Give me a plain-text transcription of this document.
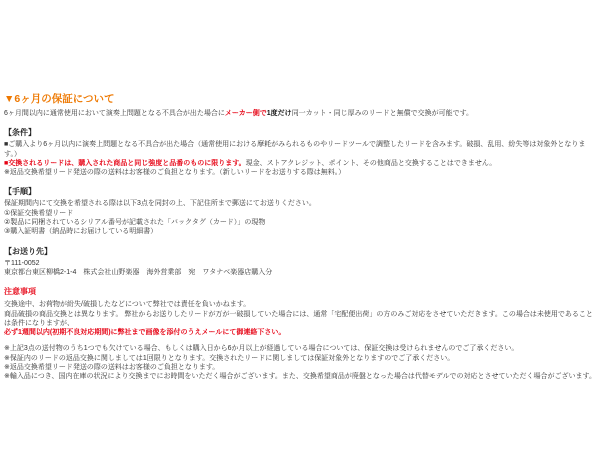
▼6ヶ月の保証について

6ヶ月間以内に通常使用において演奏上問題となる不具合が出た場合にメーカー側で1度だけ同一カット・同じ厚みのリードと無償で交換が可能です。

【条件】

■ご購入より6ヶ月以内に演奏上問題となる不具合が出た場合（通常使用における摩耗がみられるものやリードツールで調整したリードを含みます。破損、乱用、紛失等は対象外となります。）

■交換されるリードは、購入された商品と同じ強度と品番のものに限ります。現金、ストアクレジット、ポイント、その他商品と交換することはできません。

※返品交換希望リード発送の際の送料はお客様のご負担となります。（新しいリードをお送りする際は無料。）

【手順】

保証期間内にて交換を希望される際は以下3点を同封の上、下記住所まで郵送にてお送りください。

①保証交換希望リード

②製品に同梱されているシリアル番号が記載された「バックタグ（カード）」の現物

③購入証明書（納品時にお届けしている明細書）

【お送り先】

〒111-0052

東京都台東区柳橋2-1-4　株式会社山野楽器　海外営業部　宛　ワタナベ楽器店購入分

注意事項

交換途中、お荷物が紛失/破損したなどについて弊社では責任を負いかねます。

商品破損の商品交換とは異なります。 弊社からお送りしたリードが万が一破損していた場合には、通常「宅配便出荷」の方のみご対応をさせていただきます。この場合は未使用であることは条件になりますが、

必ず1週間以内(初期不良対応期間)に弊社まで画像を添付のうえメールにて御連絡下さい。

※上記3点の送付物のうち1つでも欠けている場合、もしくは購入日から6か月以上が経過している場合については、保証交換は受けられませんのでご了承ください。

※保証内のリードの返品交換に関しましては1回限りとなります。交換されたリードに関しましては保証対象外となりますのでご了承ください。

※返品交換希望リード発送の際の送料はお客様のご負担となります。

※輸入品につき、国内在庫の状況により交換までにお時間をいただく場合がございます。また、交換希望商品が廃盤となった場合は代替モデルでの対応とさせていただく場合がございます。
